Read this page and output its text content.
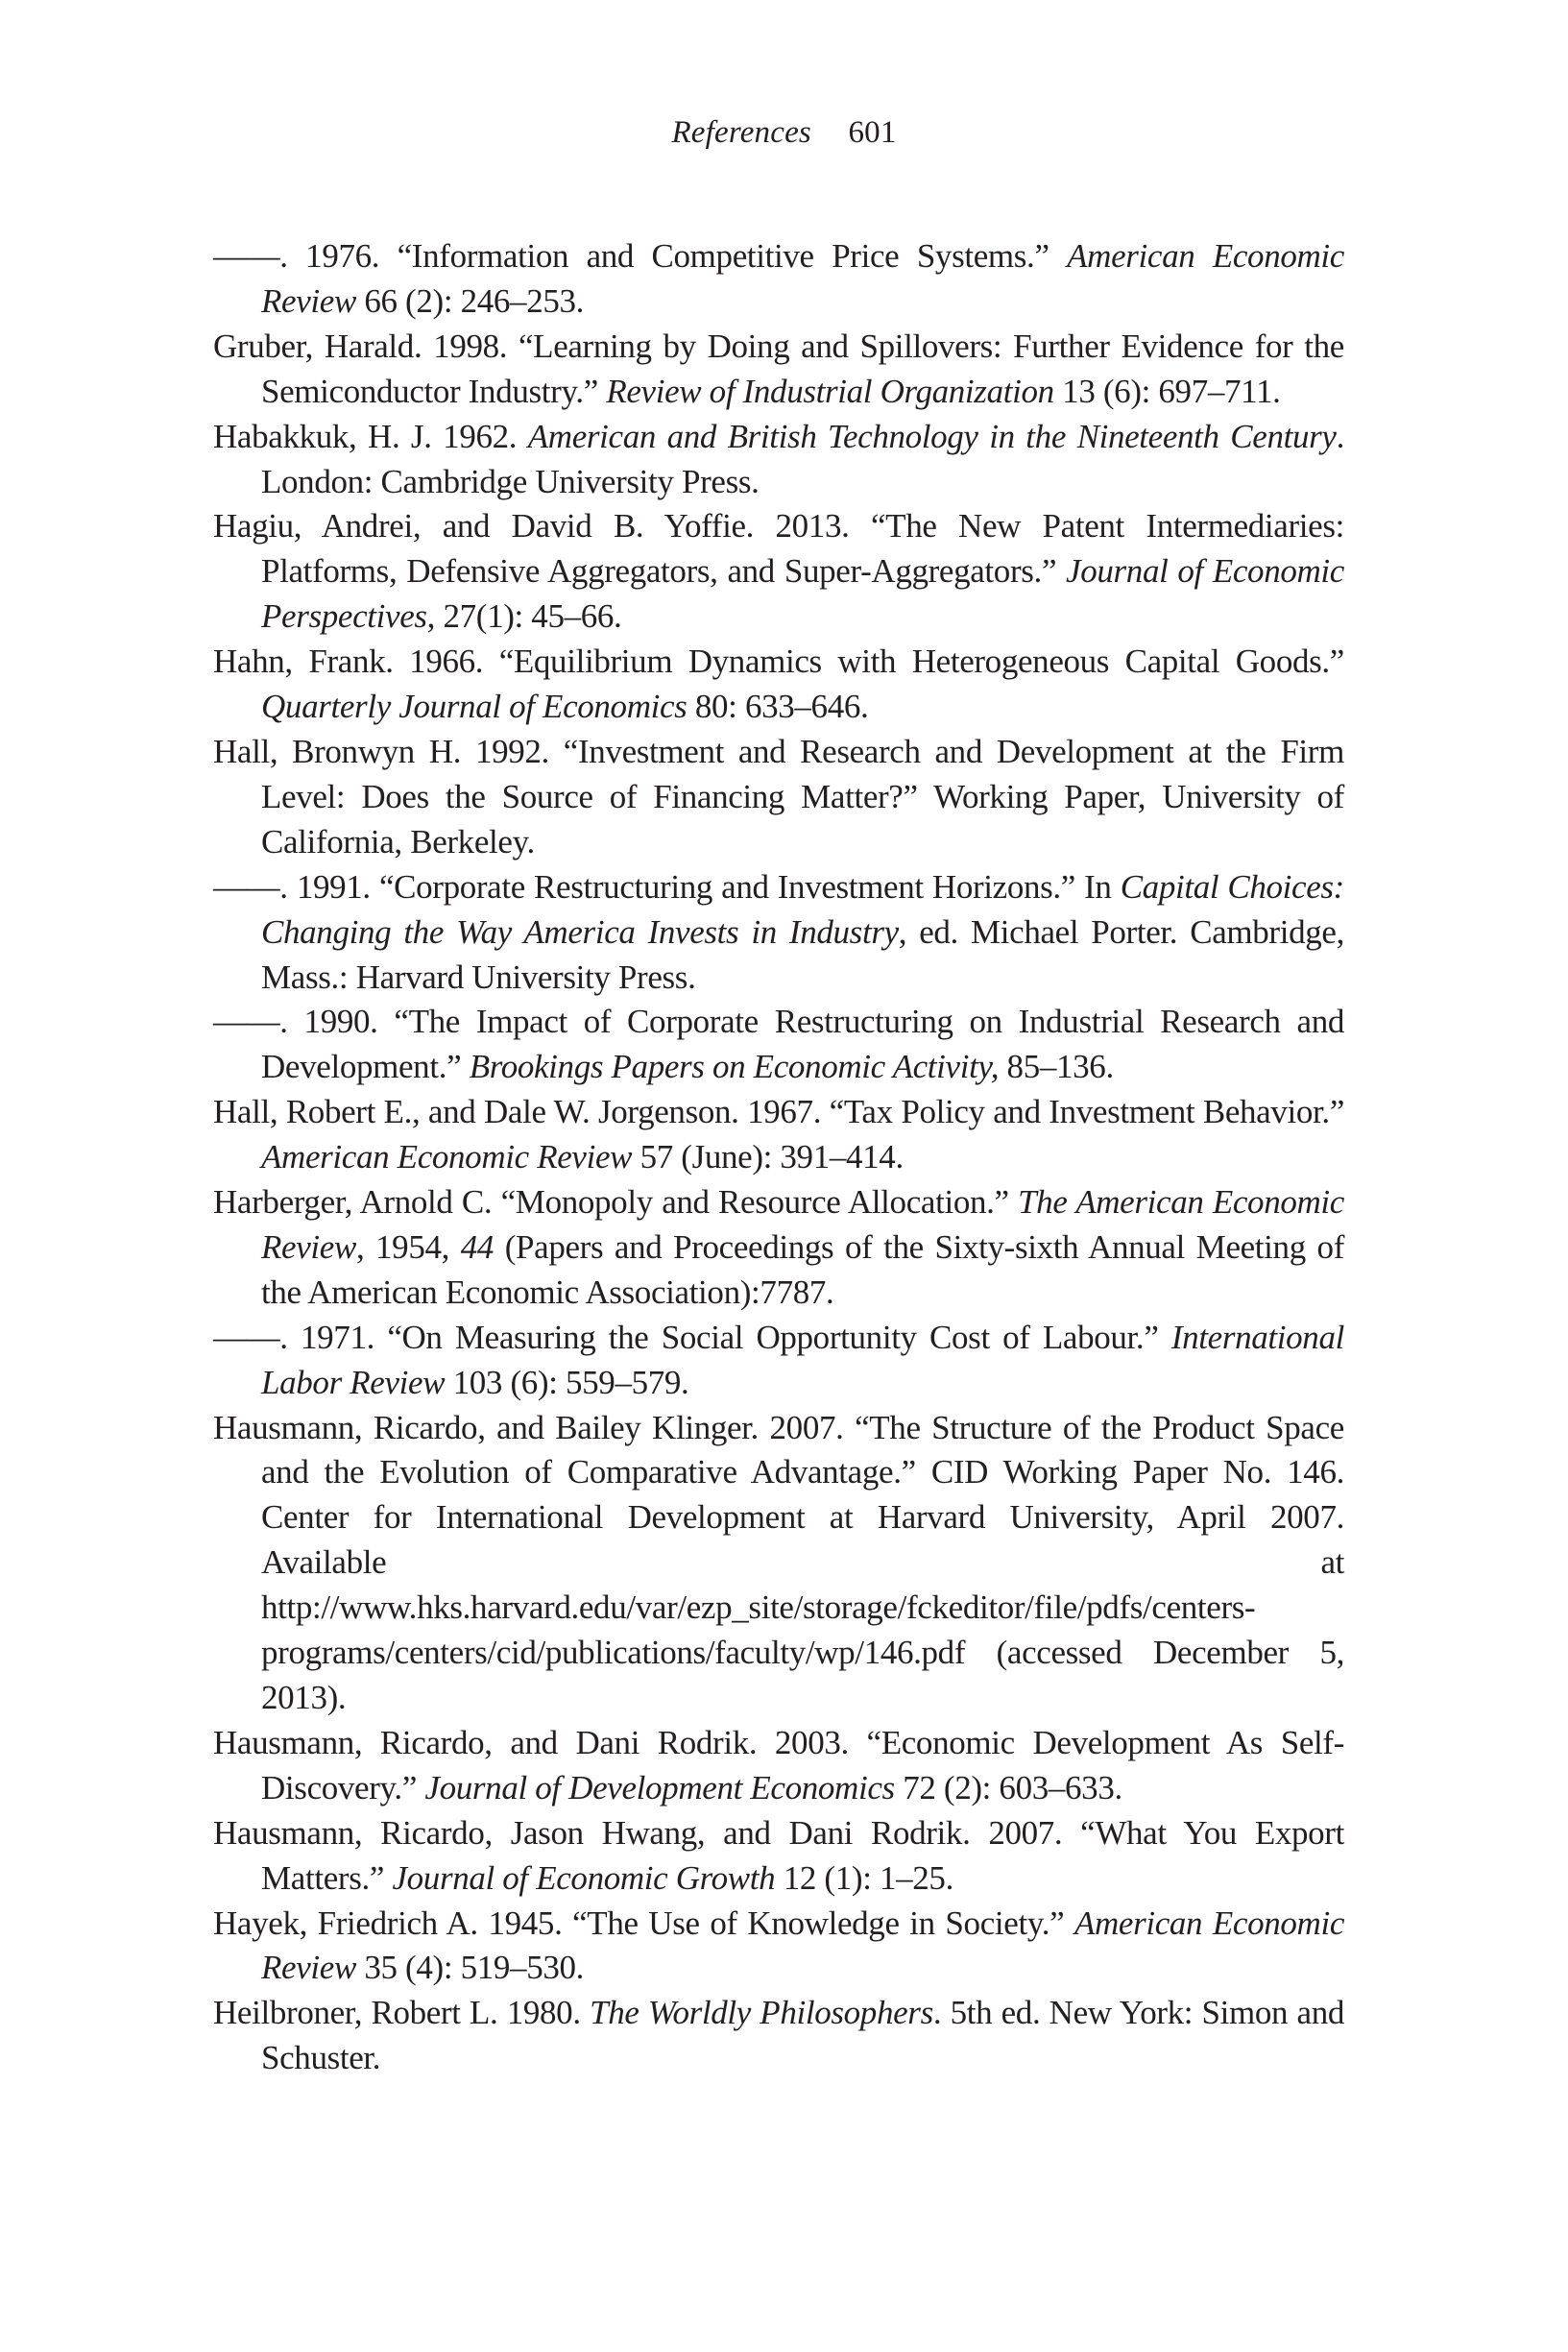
References 601
——. 1976. “Information and Competitive Price Systems.” American Economic Review 66 (2): 246–253.
Gruber, Harald. 1998. “Learning by Doing and Spillovers: Further Evidence for the Semiconductor Industry.” Review of Industrial Organization 13 (6): 697–711.
Habakkuk, H. J. 1962. American and British Technology in the Nineteenth Century. London: Cambridge University Press.
Hagiu, Andrei, and David B. Yoffie. 2013. “The New Patent Intermediaries: Platforms, Defensive Aggregators, and Super-Aggregators.” Journal of Economic Perspectives, 27(1): 45–66.
Hahn, Frank. 1966. “Equilibrium Dynamics with Heterogeneous Capital Goods.” Quarterly Journal of Economics 80: 633–646.
Hall, Bronwyn H. 1992. “Investment and Research and Development at the Firm Level: Does the Source of Financing Matter?” Working Paper, University of California, Berkeley.
——. 1991. “Corporate Restructuring and Investment Horizons.” In Capital Choices: Changing the Way America Invests in Industry, ed. Michael Porter. Cambridge, Mass.: Harvard University Press.
——. 1990. “The Impact of Corporate Restructuring on Industrial Research and Development.” Brookings Papers on Economic Activity, 85–136.
Hall, Robert E., and Dale W. Jorgenson. 1967. “Tax Policy and Investment Behavior.” American Economic Review 57 (June): 391–414.
Harberger, Arnold C. “Monopoly and Resource Allocation.” The American Economic Review, 1954, 44 (Papers and Proceedings of the Sixty-sixth Annual Meeting of the American Economic Association):7787.
——. 1971. “On Measuring the Social Opportunity Cost of Labour.” International Labor Review 103 (6): 559–579.
Hausmann, Ricardo, and Bailey Klinger. 2007. “The Structure of the Product Space and the Evolution of Comparative Advantage.” CID Working Paper No. 146. Center for International Development at Harvard University, April 2007. Available at http://www.hks.harvard.edu/var/ezp_site/storage/fckeditor/file/pdfs/centers-programs/centers/cid/publications/faculty/wp/146.pdf (accessed December 5, 2013).
Hausmann, Ricardo, and Dani Rodrik. 2003. “Economic Development As Self-Discovery.” Journal of Development Economics 72 (2): 603–633.
Hausmann, Ricardo, Jason Hwang, and Dani Rodrik. 2007. “What You Export Matters.” Journal of Economic Growth 12 (1): 1–25.
Hayek, Friedrich A. 1945. “The Use of Knowledge in Society.” American Economic Review 35 (4): 519–530.
Heilbroner, Robert L. 1980. The Worldly Philosophers. 5th ed. New York: Simon and Schuster.
